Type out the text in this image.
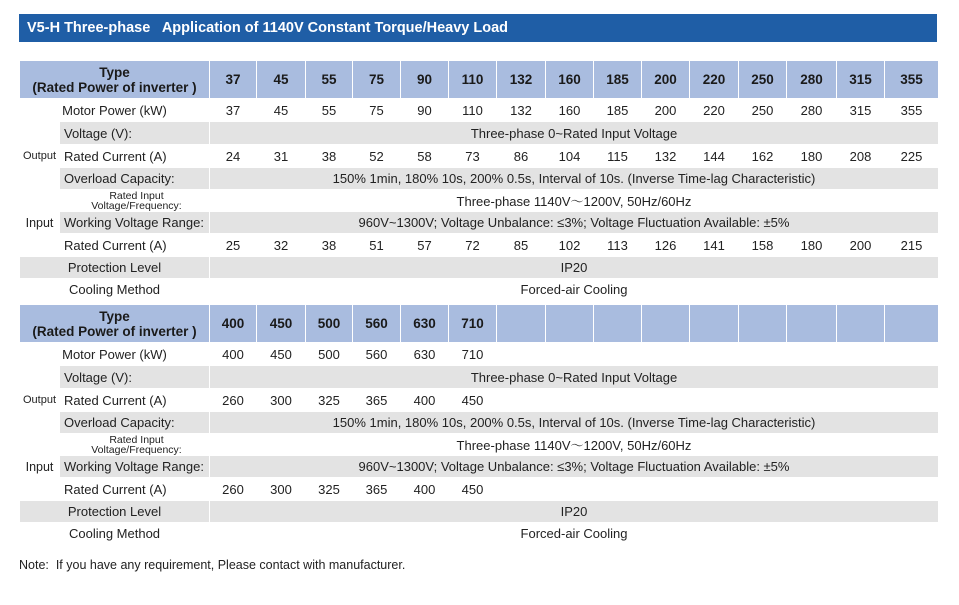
V5-H Three-phase   Application of 1140V Constant Torque/Heavy Load
Type
(Rated Power of inverter )		37	45	55	75	90	110	132	160	185	200	220	250	280	315	355
Motor Power (kW)		37	45	55	75	90	110	132	160	185	200	220	250	280	315	355
Output	Voltage (V):	Three-phase 0~Rated Input Voltage														
	Rated Current (A)	24	31	38	52	58	73	86	104	115	132	144	162	180	208	225
	Overload Capacity:	150% 1min, 180% 10s, 200% 0.5s, Interval of 10s. (Inverse Time-lag Characteristic)														
Input	Rated Input
Voltage/Frequency:	Three-phase 1140V～1200V, 50Hz/60Hz														
	Working Voltage Range:	960V~1300V; Voltage Unbalance: ≤3%; Voltage Fluctuation Available: ±5%														
	Rated Current (A)	25	32	38	51	57	72	85	102	113	126	141	158	180	200	215
Protection Level		IP20														
Cooling Method		Forced-air Cooling														
Type
(Rated Power of inverter )		400	450	500	560	630	710									
Motor Power (kW)		400	450	500	560	630	710									
Output	Voltage (V):	Three-phase 0~Rated Input Voltage														
	Rated Current (A)	260	300	325	365	400	450									
	Overload Capacity:	150% 1min, 180% 10s, 200% 0.5s, Interval of 10s. (Inverse Time-lag Characteristic)														
Input	Rated Input
Voltage/Frequency:	Three-phase 1140V～1200V, 50Hz/60Hz														
	Working Voltage Range:	960V~1300V; Voltage Unbalance: ≤3%; Voltage Fluctuation Available: ±5%														
	Rated Current (A)	260	300	325	365	400	450									
Protection Level		IP20														
Cooling Method		Forced-air Cooling														
Note:  If you have any requirement, Please contact with manufacturer.
